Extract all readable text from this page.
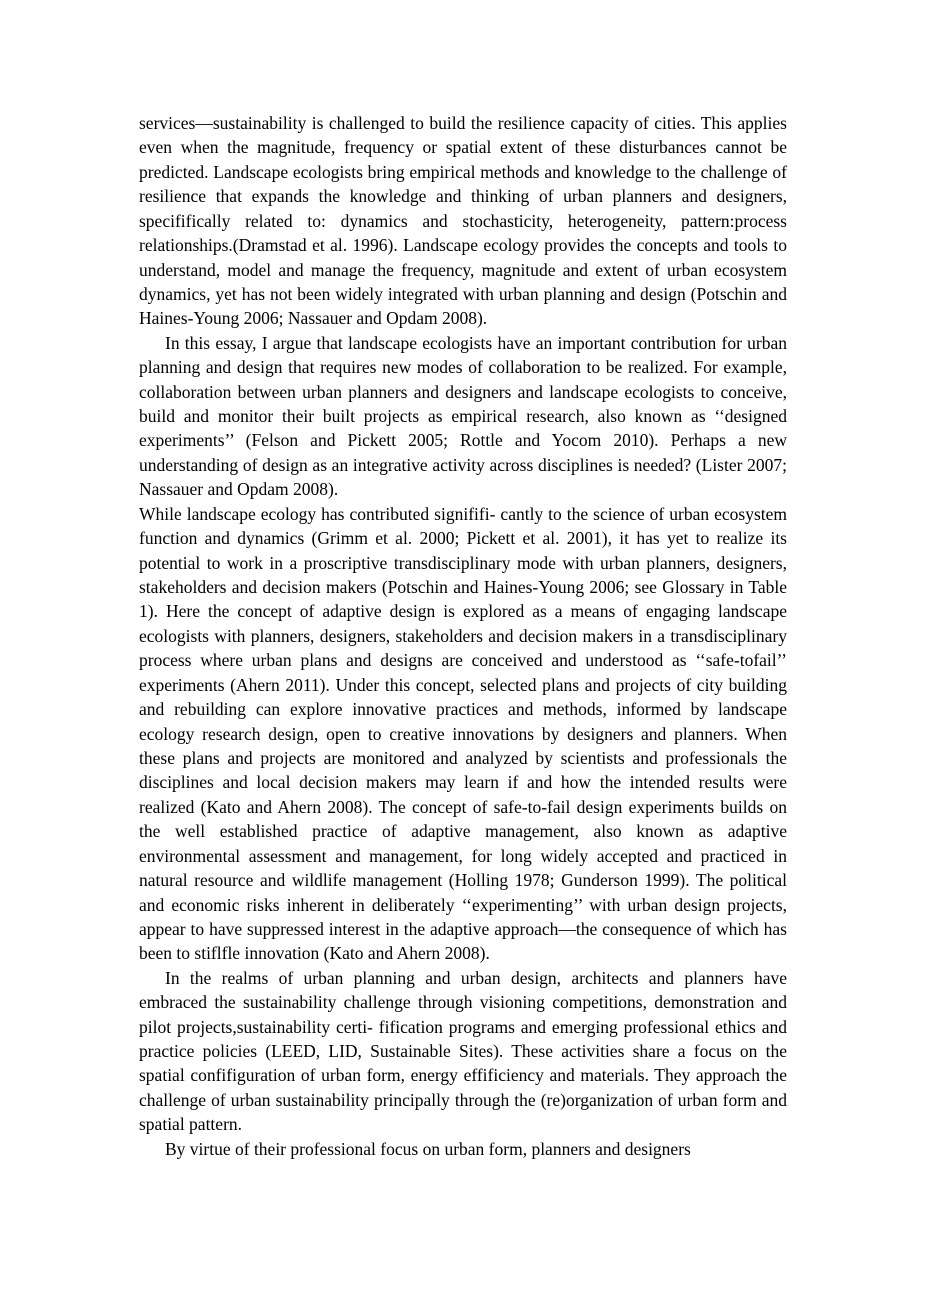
services—sustainability is challenged to build the resilience capacity of cities. This applies even when the magnitude, frequency or spatial extent of these disturbances cannot be predicted. Landscape ecologists bring empirical methods and knowledge to the challenge of resilience that expands the knowledge and thinking of urban planners and designers, specififically related to: dynamics and stochasticity, heterogeneity, pattern:process relationships.(Dramstad et al. 1996). Landscape ecology provides the concepts and tools to understand, model and manage the frequency, magnitude and extent of urban ecosystem dynamics, yet has not been widely integrated with urban planning and design (Potschin and Haines-Young 2006; Nassauer and Opdam 2008).

In this essay, I argue that landscape ecologists have an important contribution for urban planning and design that requires new modes of collaboration to be realized. For example, collaboration between urban planners and designers and landscape ecologists to conceive, build and monitor their built projects as empirical research, also known as ‘‘designed experiments’’ (Felson and Pickett 2005; Rottle and Yocom 2010). Perhaps a new understanding of design as an integrative activity across disciplines is needed? (Lister 2007; Nassauer and Opdam 2008).

While landscape ecology has contributed signififi- cantly to the science of urban ecosystem function and dynamics (Grimm et al. 2000; Pickett et al. 2001), it has yet to realize its potential to work in a proscriptive transdisciplinary mode with urban planners, designers, stakeholders and decision makers (Potschin and Haines-Young 2006; see Glossary in Table 1). Here the concept of adaptive design is explored as a means of engaging landscape ecologists with planners, designers, stakeholders and decision makers in a transdisciplinary process where urban plans and designs are conceived and understood as ‘‘safe-tofail’’ experiments (Ahern 2011). Under this concept, selected plans and projects of city building and rebuilding can explore innovative practices and methods, informed by landscape ecology research design, open to creative innovations by designers and planners. When these plans and projects are monitored and analyzed by scientists and professionals the disciplines and local decision makers may learn if and how the intended results were realized (Kato and Ahern 2008). The concept of safe-to-fail design experiments builds on the well established practice of adaptive management, also known as adaptive environmental assessment and management, for long widely accepted and practiced in natural resource and wildlife management (Holling 1978; Gunderson 1999). The political and economic risks inherent in deliberately ‘‘experimenting’’ with urban design projects, appear to have suppressed interest in the adaptive approach—the consequence of which has been to stiflfle innovation (Kato and Ahern 2008).

In the realms of urban planning and urban design, architects and planners have embraced the sustainability challenge through visioning competitions, demonstration and pilot projects,sustainability certi- fification programs and emerging professional ethics and practice policies (LEED, LID, Sustainable Sites). These activities share a focus on the spatial confifiguration of urban form, energy effificiency and materials. They approach the challenge of urban sustainability principally through the (re)organization of urban form and spatial pattern.

By virtue of their professional focus on urban form, planners and designers
